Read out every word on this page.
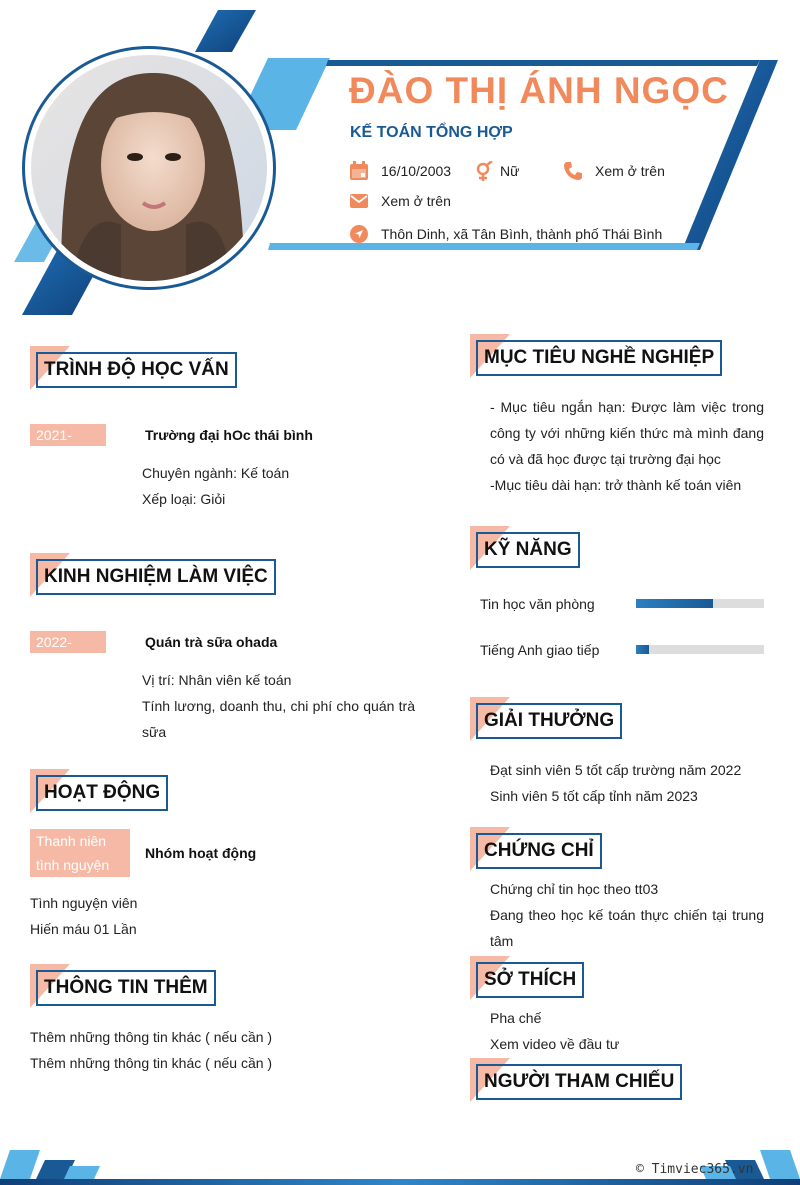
ĐÀO THỊ ÁNH NGỌC
KẾ TOÁN TỔNG HỢP
16/10/2003	Nữ	Xem ở trên
Xem ở trên
Thôn Dinh, xã Tân Bình, thành phố Thái Bình
TRÌNH ĐỘ HỌC VẤN
2021-2024
Trường đại hOc thái bình
Chuyên ngành: Kế toán
Xếp loại: Giỏi
KINH NGHIỆM LÀM VIỆC
2022-2024
Quán trà sữa ohada
Vị trí: Nhân viên kế toán
Tính lương, doanh thu, chi phí cho quán trà sữa
HOẠT ĐỘNG
Thanh niên tình nguyện
Nhóm hoạt động
Tình nguyện viên
Hiến máu 01 Lần
THÔNG TIN THÊM
Thêm những thông tin khác ( nếu cần )
Thêm những thông tin khác ( nếu cần )
MỤC TIÊU NGHỀ NGHIỆP
- Mục tiêu ngắn hạn: Được làm việc trong công ty với những kiến thức mà mình đang có và đã học được tại trường đại học
-Mục tiêu dài hạn: trở thành kế toán viên
KỸ NĂNG
Tin học văn phòng
Tiếng Anh giao tiếp
GIẢI THƯỞNG
Đạt sinh viên 5 tốt cấp trường năm 2022
Sinh viên 5 tốt cấp tỉnh năm 2023
CHỨNG CHỈ
Chứng chỉ tin học theo tt03
Đang theo học kế toán thực chiến tại trung tâm
SỞ THÍCH
Pha chế
Xem video về đầu tư
NGƯỜI THAM CHIẾU
© Timviec365.vn
